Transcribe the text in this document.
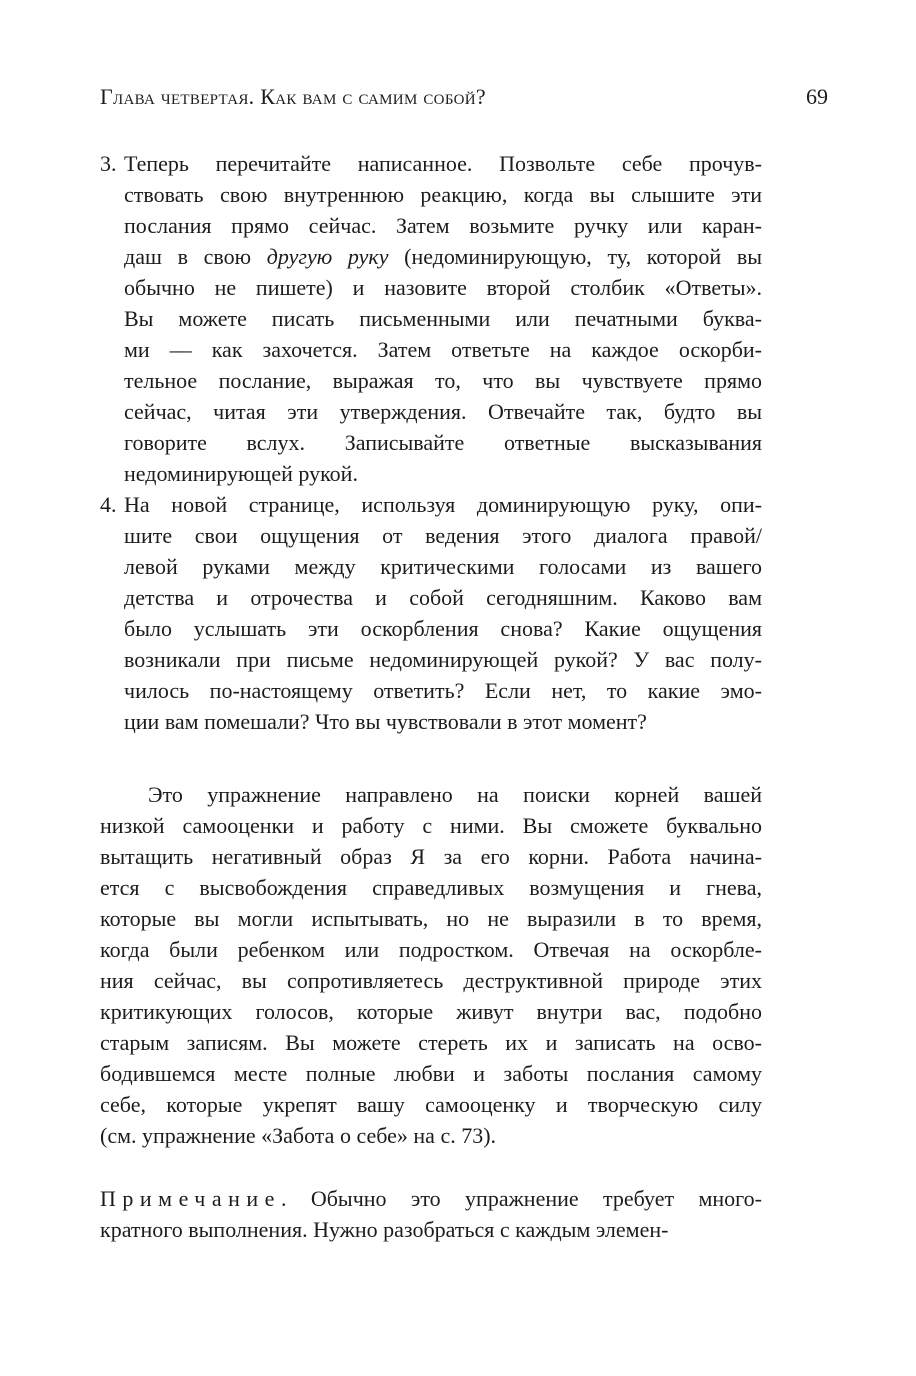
Глава четвертая. Как вам с самим собой?	69
3. Теперь перечитайте написанное. Позвольте себе прочув-
ствовать свою внутреннюю реакцию, когда вы слышите эти
послания прямо сейчас. Затем возьмите ручку или каран-
даш в свою другую руку (недоминирующую, ту, которой вы
обычно не пишете) и назовите второй столбик «Ответы».
Вы можете писать письменными или печатными буква-
ми — как захочется. Затем ответьте на каждое оскорби-
тельное послание, выражая то, что вы чувствуете прямо
сейчас, читая эти утверждения. Отвечайте так, будто вы
говорите вслух. Записывайте ответные высказывания
недоминирующей рукой.
4. На новой странице, используя доминирующую руку, опи-
шите свои ощущения от ведения этого диалога правой/
левой руками между критическими голосами из вашего
детства и отрочества и собой сегодняшним. Каково вам
было услышать эти оскорбления снова? Какие ощущения
возникали при письме недоминирующей рукой? У вас полу-
чилось по-настоящему ответить? Если нет, то какие эмо-
ции вам помешали? Что вы чувствовали в этот момент?
Это упражнение направлено на поиски корней вашей
низкой самооценки и работу с ними. Вы сможете буквально
вытащить негативный образ Я за его корни. Работа начина-
ется с высвобождения справедливых возмущения и гнева,
которые вы могли испытывать, но не выразили в то время,
когда были ребенком или подростком. Отвечая на оскорбле-
ния сейчас, вы сопротивляетесь деструктивной природе этих
критикующих голосов, которые живут внутри вас, подобно
старым записям. Вы можете стереть их и записать на осво-
бодившемся месте полные любви и заботы послания самому
себе, которые укрепят вашу самооценку и творческую силу
(см. упражнение «Забота о себе» на с. 73).
Примечание. Обычно это упражнение требует много-
кратного выполнения. Нужно разобраться с каждым элемен-
